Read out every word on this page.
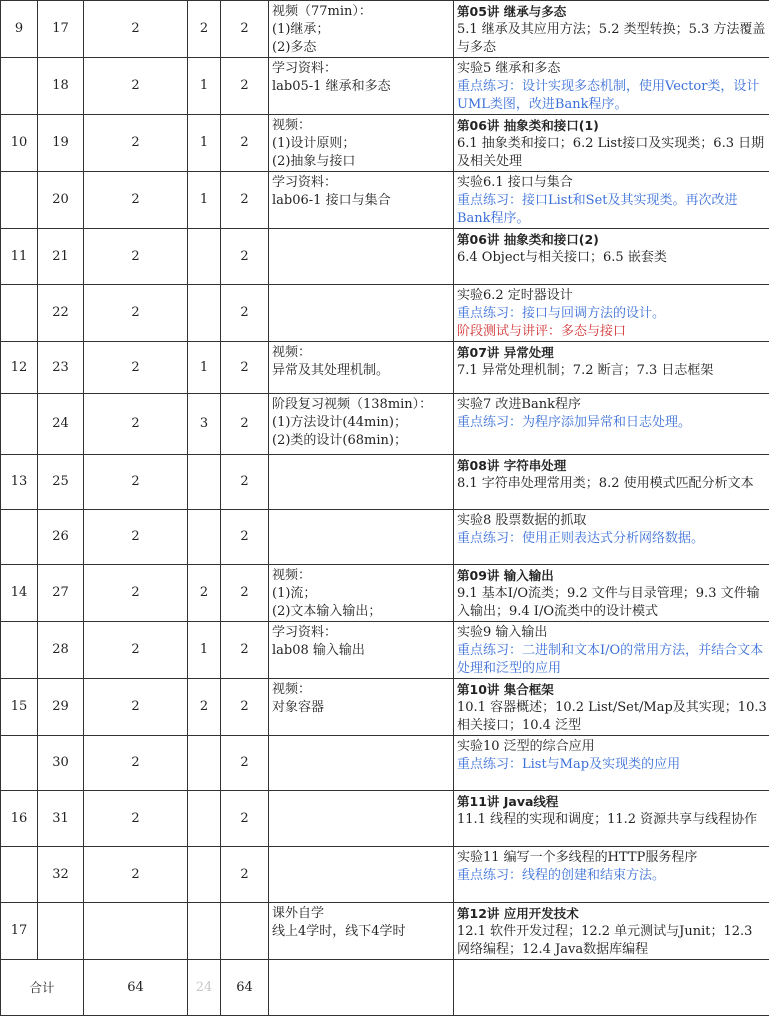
9	17	2	2	2	视频（77min）：
(1)继承；
(2)多态	第05讲 继承与多态
5.1 继承及其应用方法；5.2 类型转换；5.3 方法覆盖与多态

	18	2	1	2	学习资料：
lab05-1 继承和多态	实验5 继承和多态
重点练习：设计实现多态机制，使用Vector类，设计UML类图，改进Bank程序。

10	19	2	1	2	视频：
(1)设计原则；
(2)抽象与接口	第06讲 抽象类和接口(1)
6.1 抽象类和接口；6.2 List接口及实现类；6.3 日期及相关处理

	20	2	1	2	学习资料：
lab06-1 接口与集合	实验6.1 接口与集合
重点练习：接口List和Set及其实现类。再次改进Bank程序。

11	21	2		2		第06讲 抽象类和接口(2)
6.4 Object与相关接口；6.5 嵌套类

	22	2		2		实验6.2 定时器设计
重点练习：接口与回调方法的设计。
阶段测试与讲评：多态与接口

12	23	2	1	2	视频：
异常及其处理机制。	第07讲 异常处理
7.1 异常处理机制；7.2 断言；7.3 日志框架

	24	2	3	2	阶段复习视频（138min）：
(1)方法设计(44min)；
(2)类的设计(68min)；	实验7 改进Bank程序
重点练习：为程序添加异常和日志处理。

13	25	2		2		第08讲 字符串处理
8.1 字符串处理常用类；8.2 使用模式匹配分析文本

	26	2		2		实验8 股票数据的抓取
重点练习：使用正则表达式分析网络数据。

14	27	2	2	2	视频：
(1)流；
(2)文本输入输出；	第09讲 输入输出
9.1 基本I/O流类；9.2 文件与目录管理；9.3 文件输入输出；9.4 I/O流类中的设计模式

	28	2	1	2	学习资料：
lab08 输入输出	实验9 输入输出
重点练习：二进制和文本I/O的常用方法，并结合文本处理和泛型的应用

15	29	2	2	2	视频：
对象容器	第10讲 集合框架
10.1 容器概述；10.2 List/Set/Map及其实现；10.3 相关接口；10.4 泛型

	30	2		2		实验10 泛型的综合应用
重点练习：List与Map及实现类的应用

16	31	2		2		第11讲 Java线程
11.1 线程的实现和调度；11.2 资源共享与线程协作

	32	2		2		实验11 编写一个多线程的HTTP服务程序
重点练习：线程的创建和结束方法。

17					课外自学
线上4学时，线下4学时	第12讲 应用开发技术
12.1 软件开发过程；12.2 单元测试与Junit；12.3 网络编程；12.4 Java数据库编程

合计		64	24	64		
